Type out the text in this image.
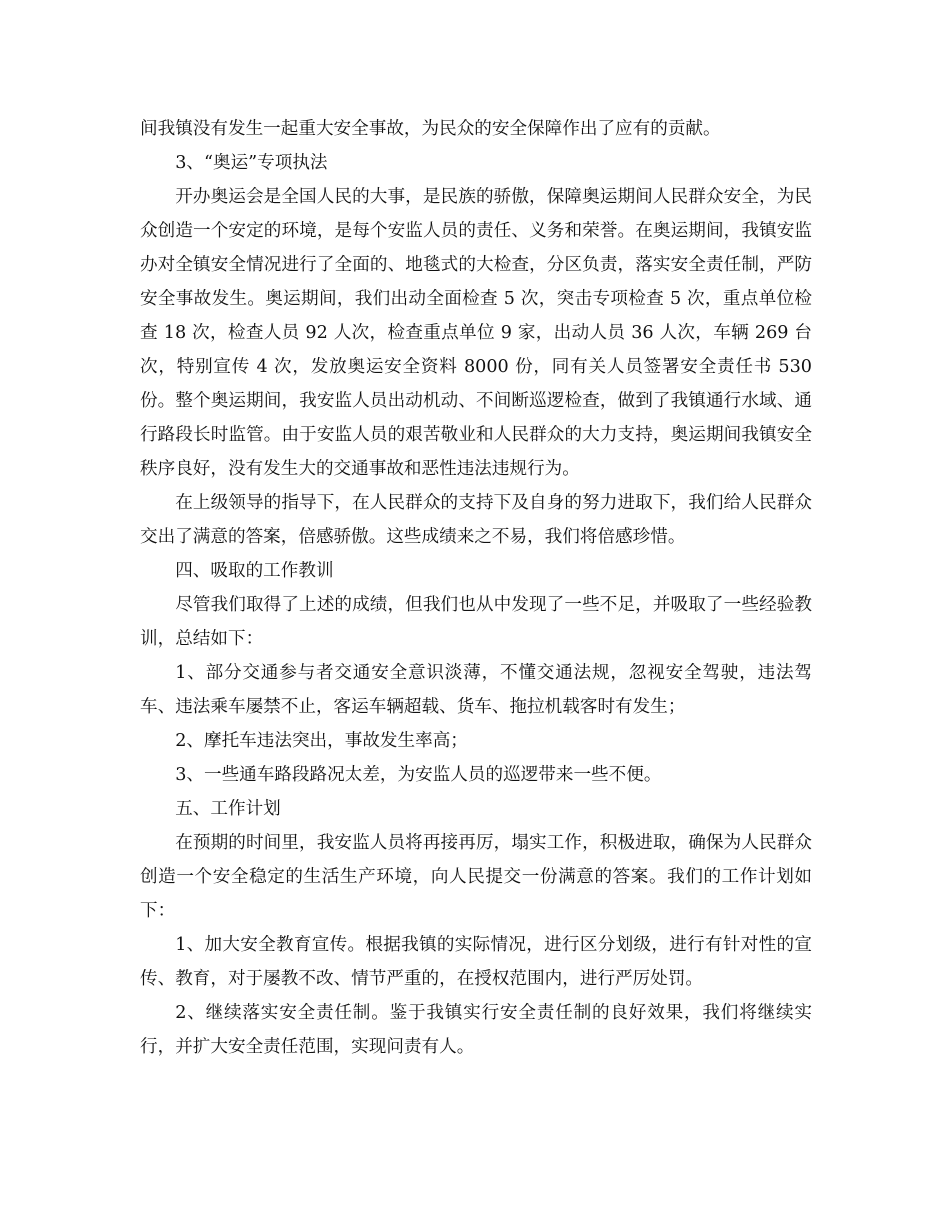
间我镇没有发生一起重大安全事故，为民众的安全保障作出了应有的贡献。

3、“奥运”专项执法

开办奥运会是全国人民的大事，是民族的骄傲，保障奥运期间人民群众安全，为民众创造一个安定的环境，是每个安监人员的责任、义务和荣誉。在奥运期间，我镇安监办对全镇安全情况进行了全面的、地毯式的大检查，分区负责，落实安全责任制，严防安全事故发生。奥运期间，我们出动全面检查 5 次，突击专项检查 5 次，重点单位检查 18 次，检查人员 92 人次，检查重点单位 9 家，出动人员 36 人次，车辆 269 台次，特别宣传 4 次，发放奥运安全资料 8000 份，同有关人员签署安全责任书 530 份。整个奥运期间，我安监人员出动机动、不间断巡逻检查，做到了我镇通行水域、通行路段长时监管。由于安监人员的艰苦敬业和人民群众的大力支持，奥运期间我镇安全秩序良好，没有发生大的交通事故和恶性违法违规行为。

在上级领导的指导下，在人民群众的支持下及自身的努力进取下，我们给人民群众交出了满意的答案，倍感骄傲。这些成绩来之不易，我们将倍感珍惜。

四、吸取的工作教训

尽管我们取得了上述的成绩，但我们也从中发现了一些不足，并吸取了一些经验教训，总结如下：

1、部分交通参与者交通安全意识淡薄，不懂交通法规，忽视安全驾驶，违法驾车、违法乘车屡禁不止，客运车辆超载、货车、拖拉机载客时有发生；

2、摩托车违法突出，事故发生率高；

3、一些通车路段路况太差，为安监人员的巡逻带来一些不便。

五、工作计划

在预期的时间里，我安监人员将再接再厉，塌实工作，积极进取，确保为人民群众创造一个安全稳定的生活生产环境，向人民提交一份满意的答案。我们的工作计划如下：

1、加大安全教育宣传。根据我镇的实际情况，进行区分划级，进行有针对性的宣传、教育，对于屡教不改、情节严重的，在授权范围内，进行严厉处罚。

2、继续落实安全责任制。鉴于我镇实行安全责任制的良好效果，我们将继续实行，并扩大安全责任范围，实现问责有人。
